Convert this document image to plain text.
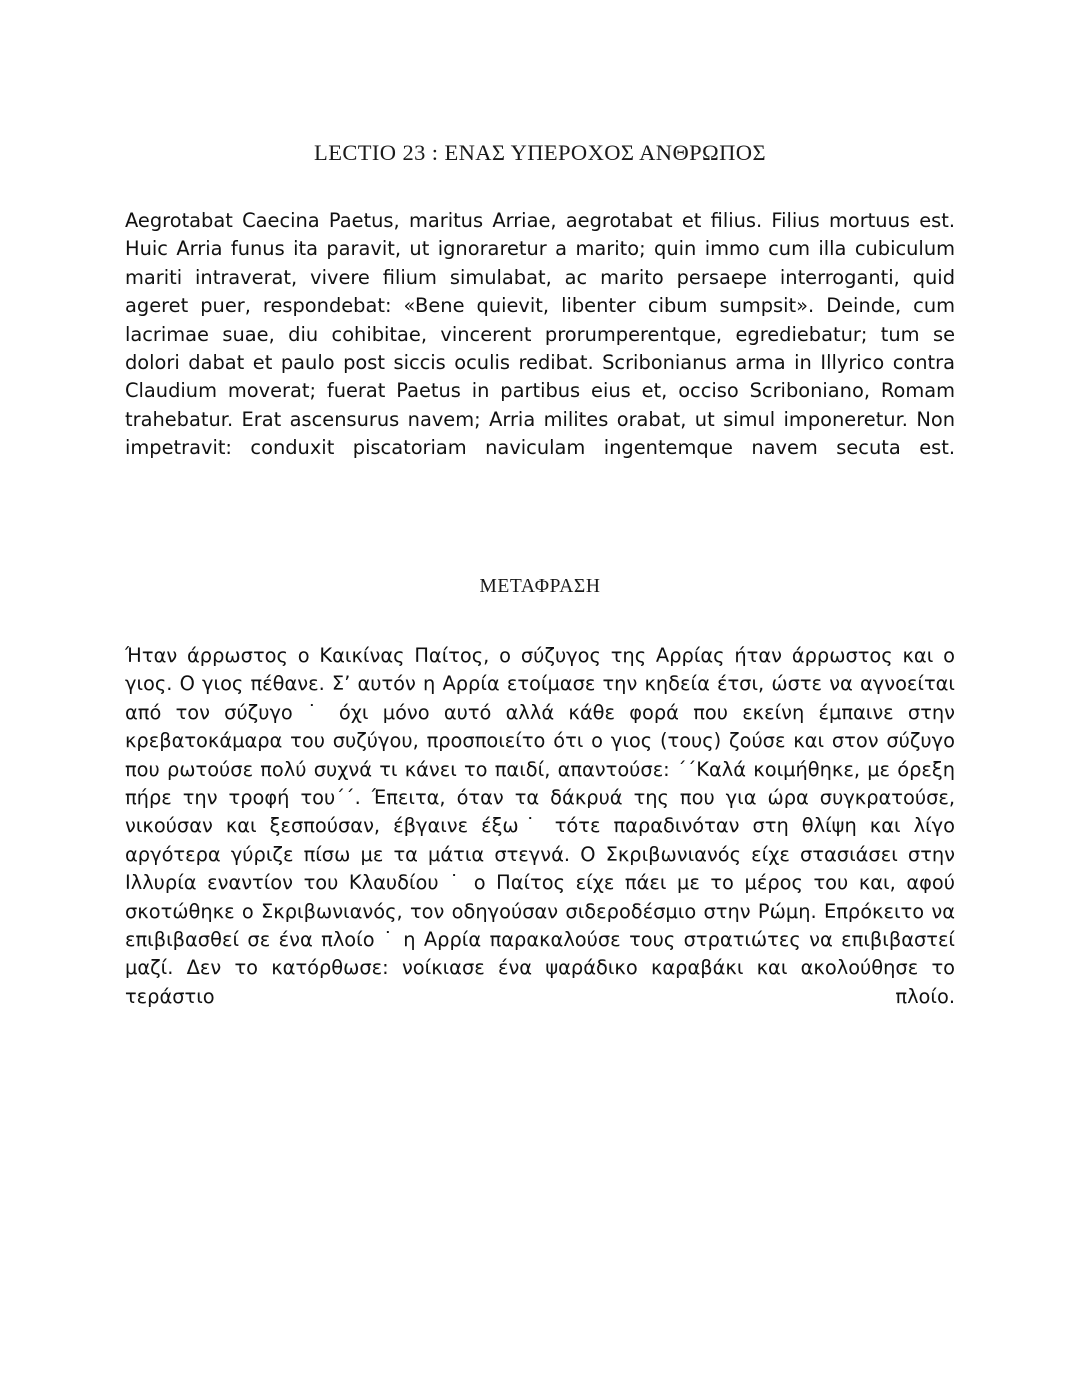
LECTIO 23 : ΕΝΑΣ ΥΠΕΡΟΧΟΣ ΑΝΘΡΩΠΟΣ
Aegrotabat Caecina Paetus, maritus Arriae, aegrotabat et filius. Filius mortuus est. Huic Arria funus ita paravit, ut ignoraretur a marito; quin immo cum illa cubiculum mariti intraverat, vivere filium simulabat, ac marito persaepe interroganti, quid ageret puer, respondebat: «Bene quievit, libenter cibum sumpsit». Deinde, cum lacrimae suae, diu cohibitae, vincerent prorumperentque, egrediebatur; tum se dolori dabat et paulo post siccis oculis redibat. Scribonianus arma in Illyrico contra Claudium moverat; fuerat Paetus in partibus eius et, occiso Scriboniano, Romam trahebatur. Erat ascensurus navem; Arria milites orabat, ut simul imponeretur. Non impetravit: conduxit piscatoriam naviculam ingentemque navem secuta est.
ΜΕΤΑΦΡΑΣΗ
Ήταν άρρωστος ο Καικίνας Παίτος, ο σύζυγος της Αρρίας ήταν άρρωστος και ο γιος. Ο γιος πέθανε. Σ’ αυτόν η Αρρία ετοίμασε την κηδεία έτσι, ώστε να αγνοείται από τον σύζυγο ˙ όχι μόνο αυτό αλλά κάθε φορά που εκείνη έμπαινε στην κρεβατοκάμαρα του συζύγου, προσποιείτο ότι ο γιος (τους) ζούσε και στον σύζυγο που ρωτούσε πολύ συχνά τι κάνει το παιδί, απαντούσε: ΄΄Καλά κοιμήθηκε, με όρεξη πήρε την τροφή του΄΄. Έπειτα, όταν τα δάκρυά της που για ώρα συγκρατούσε, νικούσαν και ξεσπούσαν, έβγαινε έξω˙ τότε παραδινόταν στη θλίψη και λίγο αργότερα γύριζε πίσω με τα μάτια στεγνά. Ο Σκριβωνιανός είχε στασιάσει στην Ιλλυρία εναντίον του Κλαυδίου ˙ ο Παίτος είχε πάει με το μέρος του και, αφού σκοτώθηκε ο Σκριβωνιανός, τον οδηγούσαν σιδεροδέσμιο στην Ρώμη. Επρόκειτο να επιβιβασθεί σε ένα πλοίο ˙ η Αρρία παρακαλούσε τους στρατιώτες να επιβιβαστεί μαζί. Δεν το κατόρθωσε: νοίκιασε ένα ψαράδικο καραβάκι και ακολούθησε το τεράστιο πλοίο.
